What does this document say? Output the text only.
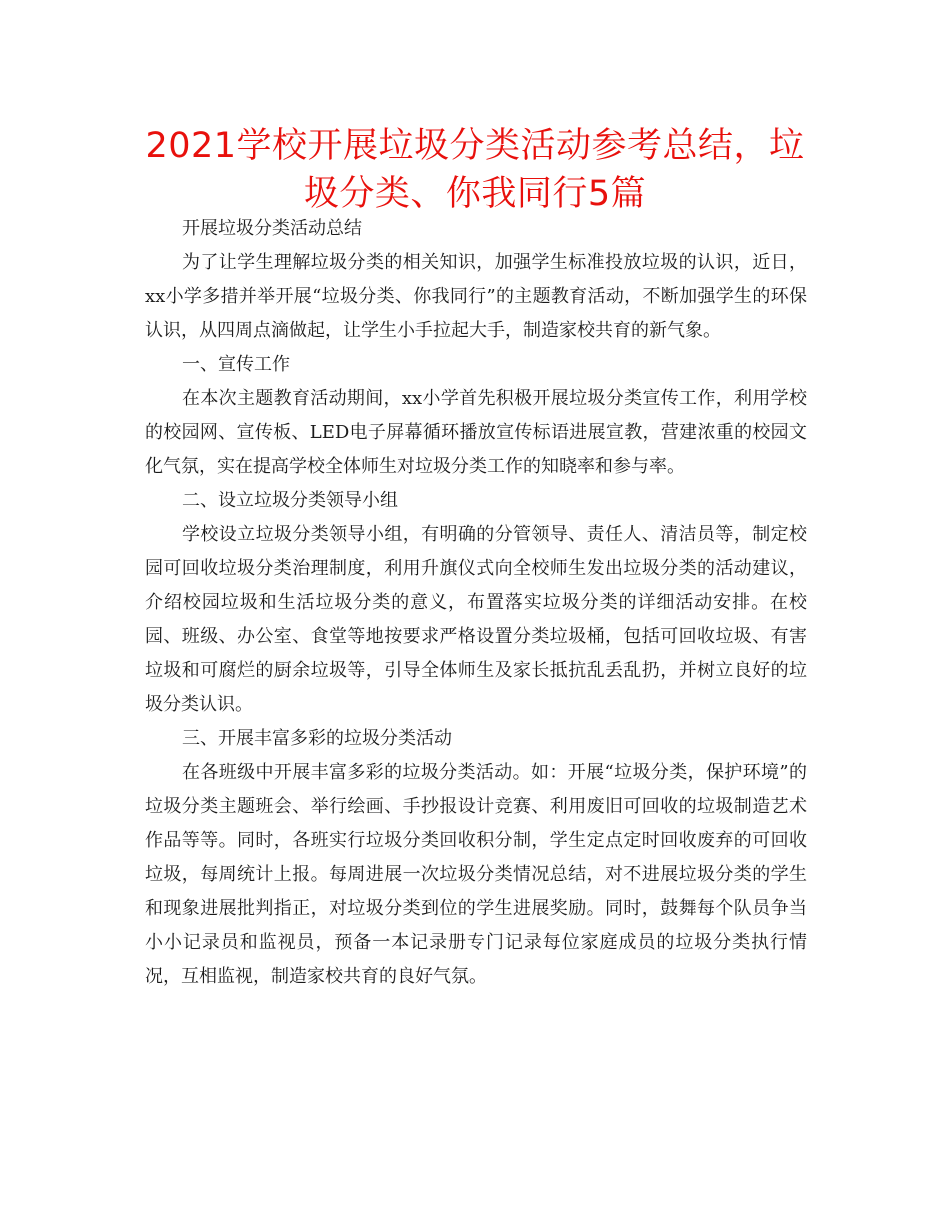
2021学校开展垃圾分类活动参考总结，垃圾分类、你我同行5篇

开展垃圾分类活动总结

为了让学生理解垃圾分类的相关知识，加强学生标准投放垃圾的认识，近日，xx小学多措并举开展“垃圾分类、你我同行”的主题教育活动，不断加强学生的环保认识，从四周点滴做起，让学生小手拉起大手，制造家校共育的新气象。

一、宣传工作

在本次主题教育活动期间，xx小学首先积极开展垃圾分类宣传工作，利用学校的校园网、宣传板、LED电子屏幕循环播放宣传标语进展宣教，营建浓重的校园文化气氛，实在提高学校全体师生对垃圾分类工作的知晓率和参与率。

二、设立垃圾分类领导小组

学校设立垃圾分类领导小组，有明确的分管领导、责任人、清洁员等，制定校园可回收垃圾分类治理制度，利用升旗仪式向全校师生发出垃圾分类的活动建议，介绍校园垃圾和生活垃圾分类的意义，布置落实垃圾分类的详细活动安排。在校园、班级、办公室、食堂等地按要求严格设置分类垃圾桶，包括可回收垃圾、有害垃圾和可腐烂的厨余垃圾等，引导全体师生及家长抵抗乱丢乱扔，并树立良好的垃圾分类认识。

三、开展丰富多彩的垃圾分类活动

在各班级中开展丰富多彩的垃圾分类活动。如：开展“垃圾分类，保护环境”的垃圾分类主题班会、举行绘画、手抄报设计竞赛、利用废旧可回收的垃圾制造艺术作品等等。同时，各班实行垃圾分类回收积分制，学生定点定时回收废弃的可回收垃圾，每周统计上报。每周进展一次垃圾分类情况总结，对不进展垃圾分类的学生和现象进展批判指正，对垃圾分类到位的学生进展奖励。同时，鼓舞每个队员争当小小记录员和监视员，预备一本记录册专门记录每位家庭成员的垃圾分类执行情况，互相监视，制造家校共育的良好气氛。
